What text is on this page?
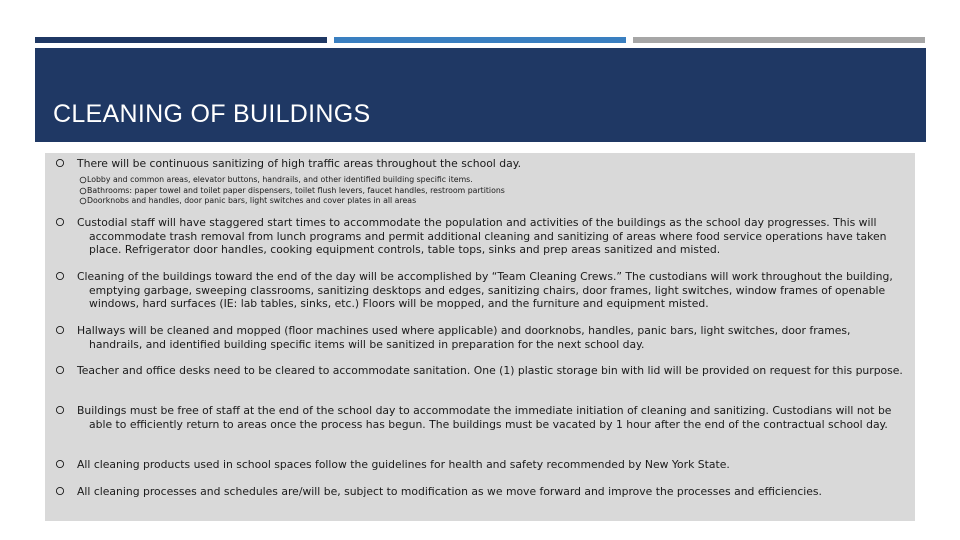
CLEANING OF BUILDINGS
There will be continuous sanitizing of high traffic areas throughout the school day.
Lobby and common areas, elevator buttons, handrails, and other identified building specific items.
Bathrooms: paper towel and toilet paper dispensers, toilet flush levers, faucet handles, restroom partitions
Doorknobs and handles, door panic bars, light switches and cover plates in all areas
Custodial staff will have staggered start times to accommodate the population and activities of the buildings as the school day progresses. This will accommodate trash removal from lunch programs and permit additional cleaning and sanitizing of areas where food service operations have taken place. Refrigerator door handles, cooking equipment controls, table tops, sinks and prep areas sanitized and misted.
Cleaning of the buildings toward the end of the day will be accomplished by “Team Cleaning Crews.” The custodians will work throughout the building, emptying garbage, sweeping classrooms, sanitizing desktops and edges, sanitizing chairs, door frames, light switches, window frames of openable windows, hard surfaces (IE: lab tables, sinks, etc.) Floors will be mopped, and the furniture and equipment misted.
Hallways will be cleaned and mopped (floor machines used where applicable) and doorknobs, handles, panic bars, light switches, door frames, handrails, and identified building specific items will be sanitized in preparation for the next school day.
Teacher and office desks need to be cleared to accommodate sanitation. One (1) plastic storage bin with lid will be provided on request for this purpose.
Buildings must be free of staff at the end of the school day to accommodate the immediate initiation of cleaning and sanitizing. Custodians will not be able to efficiently return to areas once the process has begun. The buildings must be vacated by 1 hour after the end of the contractual school day.
All cleaning products used in school spaces follow the guidelines for health and safety recommended by New York State.
All cleaning processes and schedules are/will be, subject to modification as we move forward and improve the processes and efficiencies.
